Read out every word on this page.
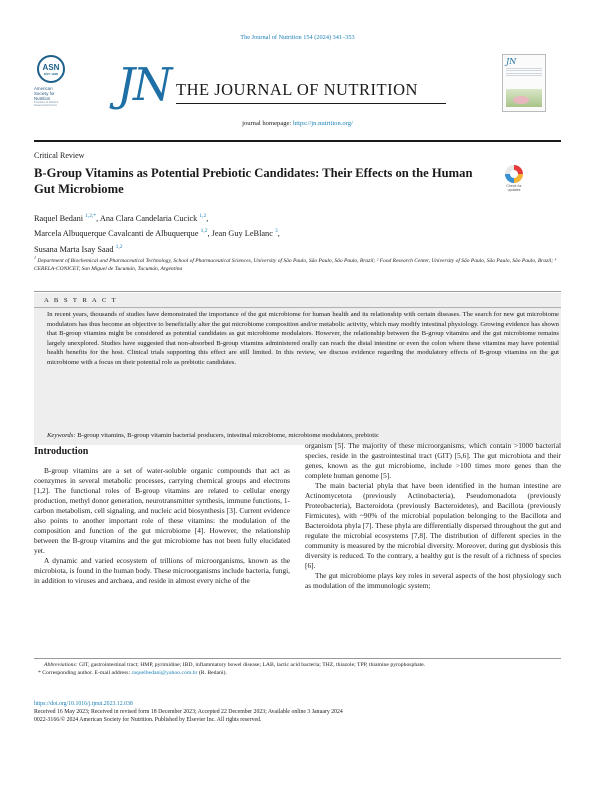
The Journal of Nutrition 154 (2024) 341–353
ASN
EST. 1928
American
Society for
Nutrition
Excellence in Nutrition Research and Practice JN THE JOURNAL OF NUTRITION
journal homepage: https://jn.nutrition.org/
JN
Critical Review
B-Group Vitamins as Potential Prebiotic Candidates: Their Effects on the Human Gut Microbiome	Check for
updates
Raquel Bedani $^{1,2,*}$, Ana Clara Candelaria Cucick $^{1,2}$,
Marcela Albuquerque Cavalcanti de Albuquerque $^{1,2}$, Jean Guy LeBlanc $^3$,
Susana Marta Isay Saad $^{1,2}$
$^1$ Department of Biochemical and Pharmaceutical Technology, School of Pharmaceutical Sciences, University of São Paulo, São Paulo, São Paulo, Brazil; ² Food Research Center, University of São Paulo, São Paulo, São Paulo, Brazil; ³ CERELA-CONICET, San Miguel de Tucumán, Tucumán, Argentina
A B S T R A C T
In recent years, thousands of studies have demonstrated the importance of the gut microbiome for human health and its relationship with certain diseases. The search for new gut microbiome modulators has thus become an objective to beneficially alter the gut microbiome composition and/or metabolic activity, which may modify intestinal physiology. Growing evidence has shown that B-group vitamins might be considered as potential candidates as gut microbiome modulators. However, the relationship between the B-group vitamins and the gut microbiome remains largely unexplored. Studies have suggested that non-absorbed B-group vitamins administered orally can reach the distal intestine or even the colon where these vitamins may have potential health benefits for the host. Clinical trials supporting this effect are still limited. In this review, we discuss evidence regarding the modulatory effects of B-group vitamins on the gut microbiome with a focus on their potential role as prebiotic candidates.
Keywords: B-group vitamins, B-group vitamin bacterial producers, intestinal microbiome, microbiome modulators, prebiotic
Introduction

B-group vitamins are a set of water-soluble organic compounds that act as coenzymes in several metabolic processes, carrying chemical groups and electrons [1,2]. The functional roles of B-group vitamins are related to cellular energy production, methyl donor generation, neurotransmitter synthesis, immune functions, 1-carbon metabolism, cell signaling, and nucleic acid biosynthesis [3]. Current evidence also points to another important role of these vitamins: the modulation of the composition and function of the gut microbiome [4]. However, the relationship between the B-group vitamins and the gut microbiome has not been fully elucidated yet.

A dynamic and varied ecosystem of trillions of microorganisms, known as the microbiota, is found in the human body. These microorganisms include bacteria, fungi, in addition to viruses and archaea, and reside in almost every niche of the

organism [5]. The majority of these microorganisms, which contain >1000 bacterial species, reside in the gastrointestinal tract (GIT) [5,6]. The gut microbiota and their genes, known as the gut microbiome, include >100 times more genes than the complete human genome [5].

The main bacterial phyla that have been identified in the human intestine are Actinomycetota (previously Actinobacteria), Pseudomonadota (previously Proteobacteria), Bacteroidota (previously Bacteroidetes), and Bacillota (previously Firmicutes), with ~90% of the microbial population belonging to the Bacillota and Bacteroidota phyla [7]. These phyla are differentially dispersed throughout the gut and regulate the microbial ecosystems [7,8]. The distribution of different species in the community is measured by the microbial diversity. Moreover, during gut dysbiosis this diversity is reduced. To the contrary, a healthy gut is the result of a richness of species [6].

The gut microbiome plays key roles in several aspects of the host physiology such as modulation of the immunologic system;

Abbreviations: GIT, gastrointestinal tract; HMP, pyrimidine; IBD, inflammatory bowel disease; LAB, lactic acid bacteria; THZ, thiazole; TPP, thiamine pyrophosphate.
* Corresponding author. E-mail address: raquelbedani@yahoo.com.br (R. Bedani).
https://doi.org/10.1016/j.tjnut.2023.12.038
Received 16 May 2023; Received in revised form 18 December 2023; Accepted 22 December 2023; Available online 3 January 2024
0022-3166/© 2024 American Society for Nutrition. Published by Elsevier Inc. All rights reserved.
